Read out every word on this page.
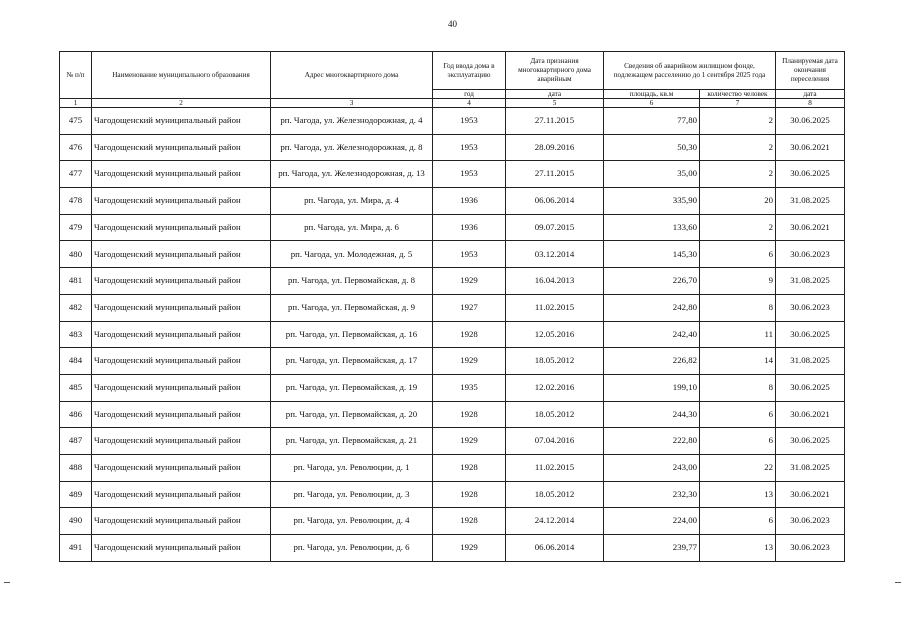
40
№ п/п	Наименование муниципального образования	Адрес многоквартирного дома	Год ввода дома в эксплуатацию	Дата признания многоквартирного дома аварийным	Сведения об аварийном жилищном фонде, подлежащем расселению до 1 сентября 2025 года		Планируемая дата окончания переселения
			год	дата	площадь, кв.м	количество человек	дата
1	2	3	4	5	6	7	8
475	Чагодощенский муниципальный район	рп. Чагода, ул. Железнодорожная, д. 4	1953	27.11.2015	77,80	2	30.06.2025
476	Чагодощенский муниципальный район	рп. Чагода, ул. Железнодорожная, д. 8	1953	28.09.2016	50,30	2	30.06.2021
477	Чагодощенский муниципальный район	рп. Чагода, ул. Железнодорожная, д. 13	1953	27.11.2015	35,00	2	30.06.2025
478	Чагодощенский муниципальный район	рп. Чагода, ул. Мира, д. 4	1936	06.06.2014	335,90	20	31.08.2025
479	Чагодощенский муниципальный район	рп. Чагода, ул. Мира, д. 6	1936	09.07.2015	133,60	2	30.06.2021
480	Чагодощенский муниципальный район	рп. Чагода, ул. Молодежная, д. 5	1953	03.12.2014	145,30	6	30.06.2023
481	Чагодощенский муниципальный район	рп. Чагода, ул. Первомайская, д. 8	1929	16.04.2013	226,70	9	31.08.2025
482	Чагодощенский муниципальный район	рп. Чагода, ул. Первомайская, д. 9	1927	11.02.2015	242,80	8	30.06.2023
483	Чагодощенский муниципальный район	рп. Чагода, ул. Первомайская, д. 16	1928	12.05.2016	242,40	11	30.06.2025
484	Чагодощенский муниципальный район	рп. Чагода, ул. Первомайская, д. 17	1929	18.05.2012	226,82	14	31.08.2025
485	Чагодощенский муниципальный район	рп. Чагода, ул. Первомайская, д. 19	1935	12.02.2016	199,10	8	30.06.2025
486	Чагодощенский муниципальный район	рп. Чагода, ул. Первомайская, д. 20	1928	18.05.2012	244,30	6	30.06.2021
487	Чагодощенский муниципальный район	рп. Чагода, ул. Первомайская, д. 21	1929	07.04.2016	222,80	6	30.06.2025
488	Чагодощенский муниципальный район	рп. Чагода, ул. Революции, д. 1	1928	11.02.2015	243,00	22	31.08.2025
489	Чагодощенский муниципальный район	рп. Чагода, ул. Революции, д. 3	1928	18.05.2012	232,30	13	30.06.2021
490	Чагодощенский муниципальный район	рп. Чагода, ул. Революции, д. 4	1928	24.12.2014	224,00	6	30.06.2023
491	Чагодощенский муниципальный район	рп. Чагода, ул. Революции, д. 6	1929	06.06.2014	239,77	13	30.06.2023
